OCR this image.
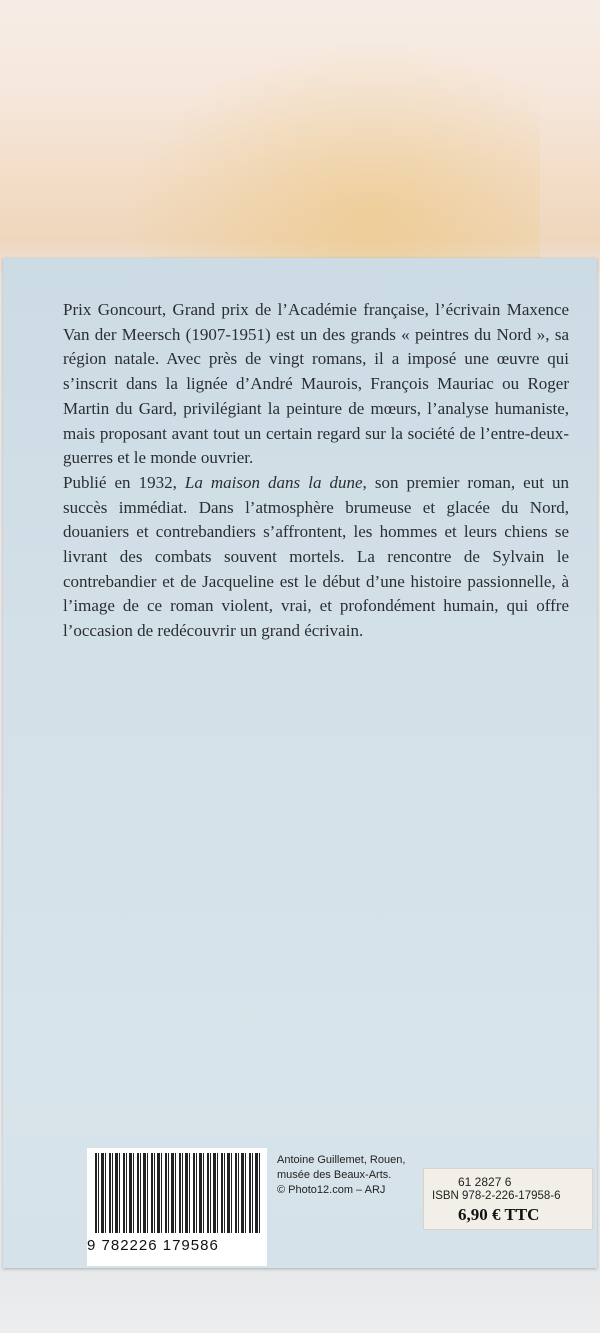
Prix Goncourt, Grand prix de l’Académie française, l’écrivain Maxence Van der Meersch (1907-1951) est un des grands « peintres du Nord », sa région natale. Avec près de vingt romans, il a imposé une œuvre qui s’inscrit dans la lignée d’André Maurois, François Mauriac ou Roger Martin du Gard, privilégiant la peinture de mœurs, l’analyse humaniste, mais proposant avant tout un certain regard sur la société de l’entre-deux-guerres et le monde ouvrier.

Publié en 1932, La maison dans la dune, son premier roman, eut un succès immédiat. Dans l’atmosphère brumeuse et glacée du Nord, douaniers et contrebandiers s’affrontent, les hommes et leurs chiens se livrant des combats souvent mortels. La rencontre de Sylvain le contrebandier et de Jacqueline est le début d’une histoire passionnelle, à l’image de ce roman violent, vrai, et profondément humain, qui offre l’occasion de redécouvrir un grand écrivain.

9 782226 179586
Antoine Guillemet, Rouen,
musée des Beaux-Arts.
© Photo12.com – ARJ
61 2827 6
ISBN 978-2-226-17958-6
6,90 € TTC
